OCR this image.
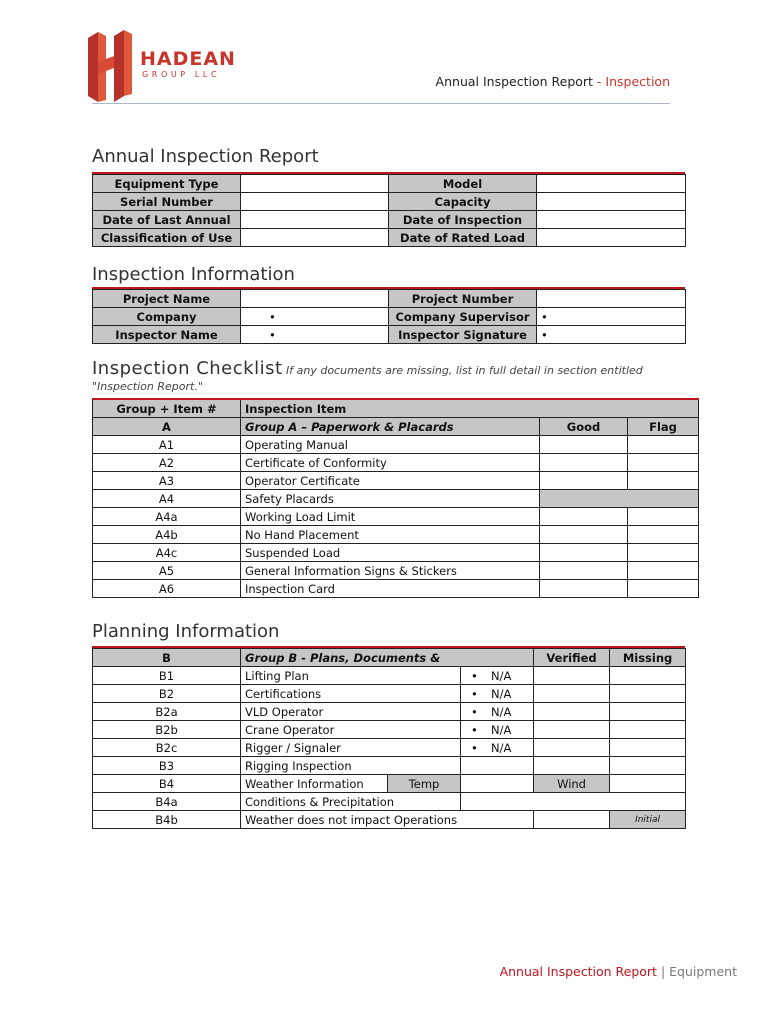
HADEAN
GROUP LLC	Annual Inspection Report - Inspection
Annual Inspection Report
Equipment Type		Model	
Serial Number		Capacity	
Date of Last Annual		Date of Inspection	
Classification of Use		Date of Rated Load	
Inspection Information
Project Name		Project Number	
Company	•	Company Supervisor	•
Inspector Name	•	Inspector Signature	•
Inspection Checklist If any documents are missing, list in full detail in section entitled "Inspection Report."
Group + Item #	Inspection Item		
A	Group A – Paperwork & Placards	Good	Flag
A1	Operating Manual		
A2	Certificate of Conformity		
A3	Operator Certificate		

A4	Safety Placards		
A4a	Working Load Limit		

A4b	No Hand Placement		

A4c	Suspended Load		

A5	General Information Signs & Stickers		

A6	Inspection Card		
Planning Information
B	Group B - Plans, Documents &			Verified	Missing
B1	Lifting Plan		• N/A		
B2	Certifications		• N/A		
B2a	VLD Operator		• N/A		
B2b	Crane Operator		• N/A		
B2c	Rigger / Signaler		• N/A		
B3	Rigging Inspection				
B4	Weather Information	Temp		Wind	
B4a	Conditions & Precipitation				
B4b	Weather does not impact Operations				Initial
Annual Inspection Report | Equipment
